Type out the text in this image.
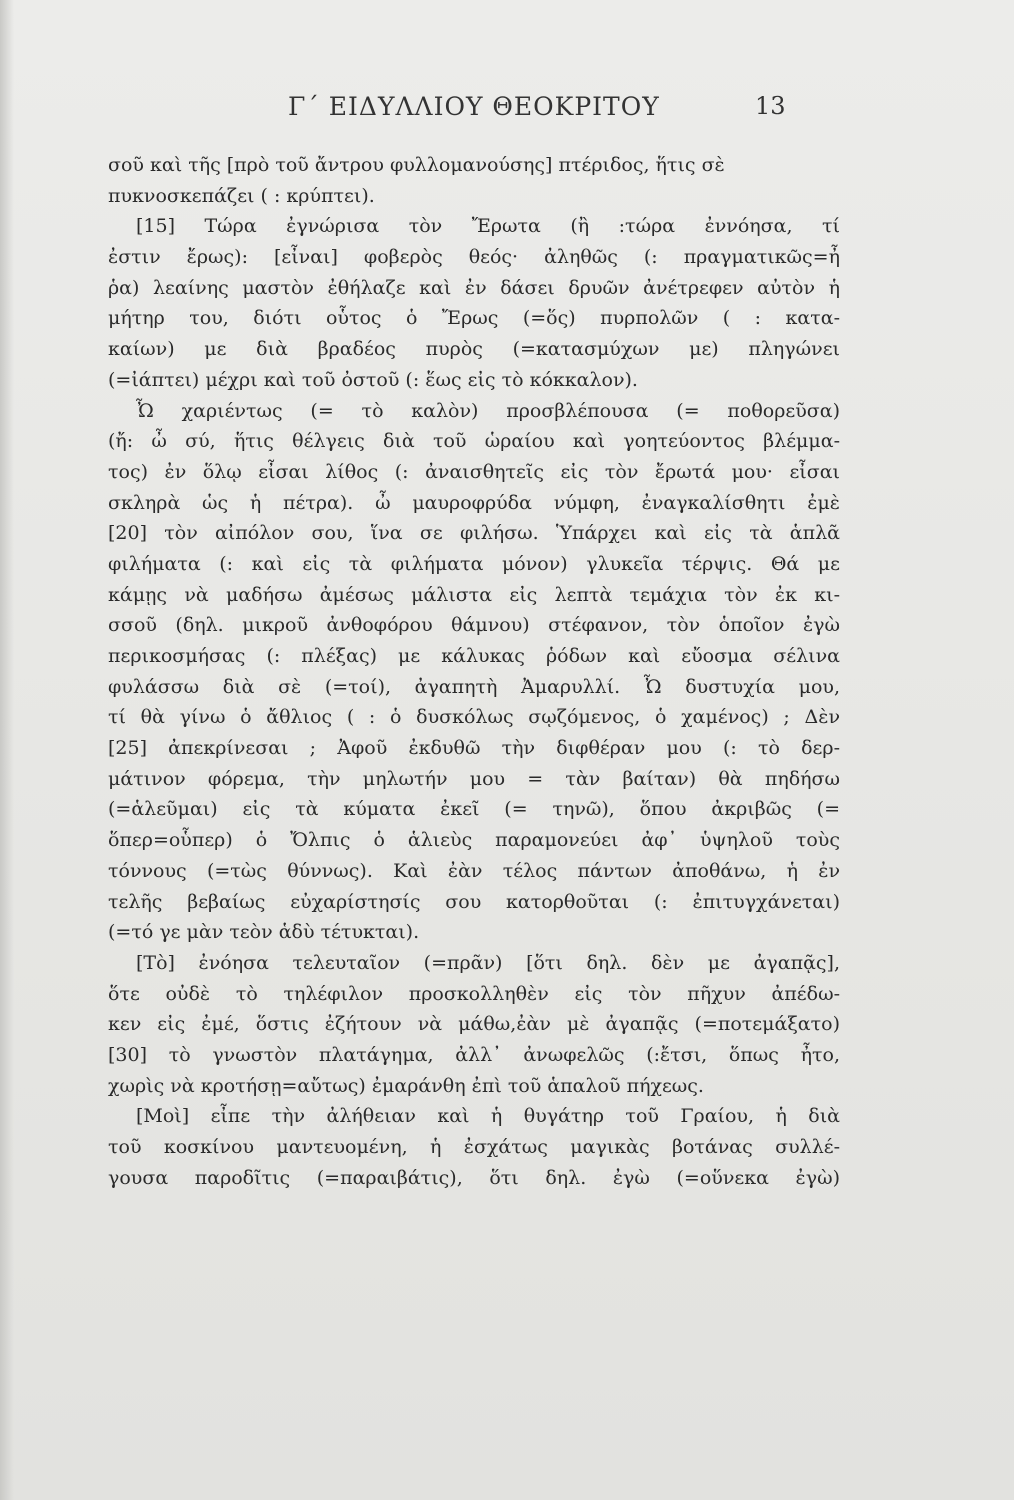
Γ΄ ΕΙΔΥΛΛΙΟΥ ΘΕΟΚΡΙΤΟΥ	13
σοῦ καὶ τῆς [πρὸ τοῦ ἄντρου φυλλομανούσης] πτέριδος, ἥτις σὲ
πυκνοσκεπάζει ( : κρύπτει).
[15] Τώρα ἐγνώρισα τὸν Ἔρωτα (ἢ :τώρα ἐννόησα, τί
ἐστιν ἔρως): [εἶναι] φοβερὸς θεός· ἀληθῶς (: πραγματικῶς=ἦ
ῥα) λεαίνης μαστὸν ἐθήλαζε καὶ ἐν δάσει δρυῶν ἀνέτρεφεν αὐτὸν ἡ
μήτηρ του, διότι οὗτος ὁ Ἔρως (=ὅς) πυρπολῶν ( : κατα-
καίων) με διὰ βραδέος πυρὸς (=κατασμύχων με) πληγώνει
(=ἰάπτει) μέχρι καὶ τοῦ ὀστοῦ (: ἕως εἰς τὸ κόκκαλον).
Ὦ χαριέντως (= τὸ καλὸν) προσβλέπουσα (= ποθορεῦσα)
(ἤ: ὦ σύ, ἥτις θέλγεις διὰ τοῦ ὡραίου καὶ γοητεύοντος βλέμμα-
τος) ἐν ὅλῳ εἶσαι λίθος (: ἀναισθητεῖς εἰς τὸν ἔρωτά μου· εἶσαι
σκληρὰ ὡς ἡ πέτρα). ὦ μαυροφρύδα νύμφη, ἐναγκαλίσθητι ἐμὲ
[20] τὸν αἰπόλον σου, ἵνα σε φιλήσω. Ὑπάρχει καὶ εἰς τὰ ἁπλᾶ
φιλήματα (: καὶ εἰς τὰ φιλήματα μόνον) γλυκεῖα τέρψις. Θά με
κάμῃς νὰ μαδήσω ἀμέσως μάλιστα εἰς λεπτὰ τεμάχια τὸν ἐκ κι-
σσοῦ (δηλ. μικροῦ ἀνθοφόρου θάμνου) στέφανον, τὸν ὁποῖον ἐγὼ
περικοσμήσας (: πλέξας) με κάλυκας ῥόδων καὶ εὔοσμα σέλινα
φυλάσσω διὰ σὲ (=τοί), ἀγαπητὴ Ἀμαρυλλί. Ὦ δυστυχία μου,
τί θὰ γίνω ὁ ἄθλιος ( : ὁ δυσκόλως σῳζόμενος, ὁ χαμένος) ; Δὲν
[25] ἀπεκρίνεσαι ; Ἀφοῦ ἐκδυθῶ τὴν διφθέραν μου (: τὸ δερ-
μάτινον φόρεμα, τὴν μηλωτήν μου = τὰν βαίταν) θὰ πηδήσω
(=ἁλεῦμαι) εἰς τὰ κύματα ἐκεῖ (= τηνῶ), ὅπου ἀκριβῶς (=
ὅπερ=οὗπερ) ὁ Ὄλπις ὁ ἁλιεὺς παραμονεύει ἀφ᾽ ὑψηλοῦ τοὺς
τόννους (=τὼς θύννως). Καὶ ἐὰν τέλος πάντων ἀποθάνω, ἡ ἐν
τελῆς βεβαίως εὐχαρίστησίς σου κατορθοῦται (: ἐπιτυγχάνεται)
(=τό γε μὰν τεὸν ἁδὺ τέτυκται).
[Τὸ] ἐνόησα τελευταῖον (=πρᾶν) [ὅτι δηλ. δὲν με ἀγαπᾷς],
ὅτε οὐδὲ τὸ τηλέφιλον προσκολληθὲν εἰς τὸν πῆχυν ἀπέδω-
κεν εἰς ἐμέ, ὅστις ἐζήτουν νὰ μάθω,ἐὰν μὲ ἀγαπᾷς (=ποτεμάξατο)
[30] τὸ γνωστὸν πλατάγημα, ἀλλ᾽ ἀνωφελῶς (:ἔτσι, ὅπως ἦτο,
χωρὶς νὰ κροτήσῃ=αὔτως) ἐμαράνθη ἐπὶ τοῦ ἁπαλοῦ πήχεως.
[Μοὶ] εἶπε τὴν ἀλήθειαν καὶ ἡ θυγάτηρ τοῦ Γραίου, ἡ διὰ
τοῦ κοσκίνου μαντευομένη, ἡ ἐσχάτως μαγικὰς βοτάνας συλλέ-
γουσα παροδῖτις (=παραιβάτις), ὅτι δηλ. ἐγὼ (=οὕνεκα ἐγὼ)
